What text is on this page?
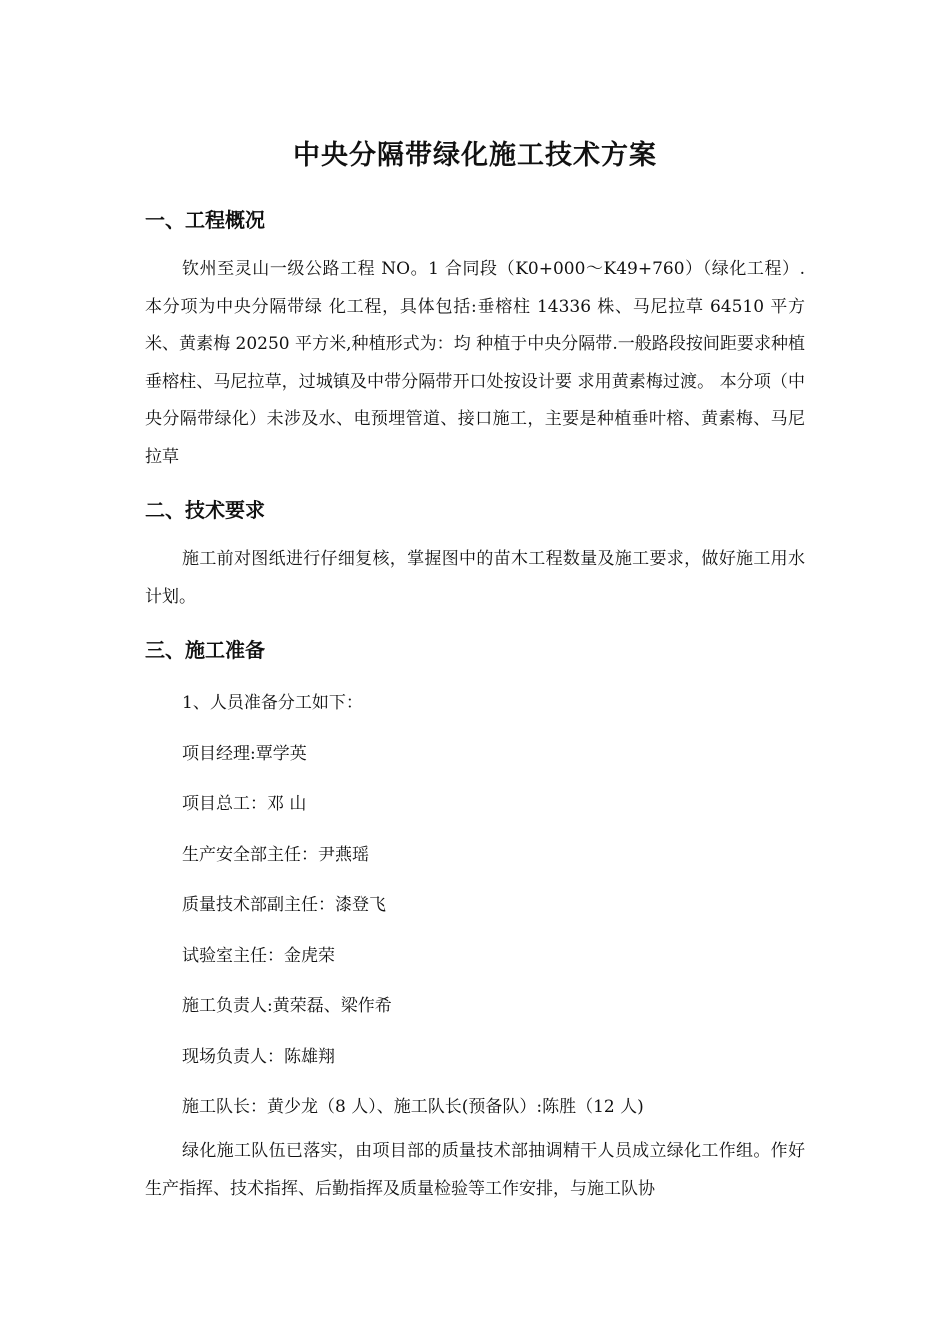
中央分隔带绿化施工技术方案
一、工程概况

钦州至灵山一级公路工程 NO。1 合同段（K0+000～K49+760）（绿化工程）.本分项为中央分隔带绿 化工程，具体包括:垂榕柱 14336 株、马尼拉草 64510 平方米、黄素梅 20250 平方米,种植形式为：均 种植于中央分隔带.一般路段按间距要求种植垂榕柱、马尼拉草，过城镇及中带分隔带开口处按设计要 求用黄素梅过渡。 本分项（中央分隔带绿化）未涉及水、电预埋管道、接口施工，主要是种植垂叶榕、黄素梅、马尼 拉草

二、技术要求

施工前对图纸进行仔细复核，掌握图中的苗木工程数量及施工要求，做好施工用水计划。

三、施工准备
1、人员准备分工如下：
项目经理:覃学英
项目总工：邓 山
生产安全部主任：尹燕瑶
质量技术部副主任：漆登飞
试验室主任：金虎荣
施工负责人:黄荣磊、梁作希
现场负责人：陈雄翔
施工队长：黄少龙（8 人）、施工队长(预备队）:陈胜（12 人)

绿化施工队伍已落实，由项目部的质量技术部抽调精干人员成立绿化工作组。作好生产指挥、技术指挥、后勤指挥及质量检验等工作安排，与施工队协
